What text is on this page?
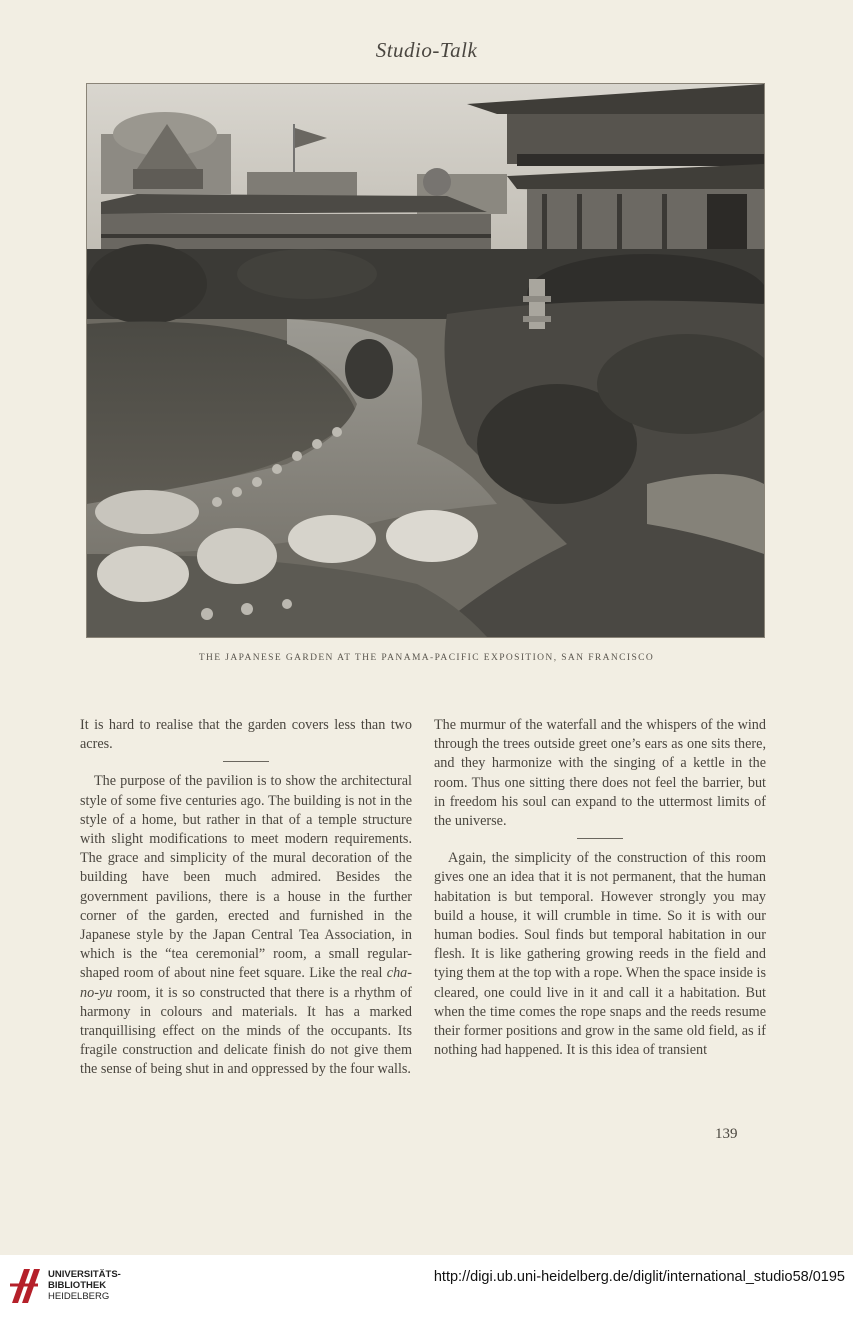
Studio-Talk
THE JAPANESE GARDEN AT THE PANAMA-PACIFIC EXPOSITION, SAN FRANCISCO

It is hard to realise that the garden covers less than two acres.

The purpose of the pavilion is to show the architectural style of some five centuries ago. The building is not in the style of a home, but rather in that of a temple structure with slight modifications to meet modern requirements. The grace and simplicity of the mural decoration of the building have been much admired. Besides the government pavilions, there is a house in the further corner of the garden, erected and furnished in the Japanese style by the Japan Central Tea Association, in which is the “tea ceremonial” room, a small regular-shaped room of about nine feet square. Like the real cha-no-yu room, it is so constructed that there is a rhythm of harmony in colours and materials. It has a marked tranquillising effect on the minds of the occupants. Its fragile construction and delicate finish do not give them the sense of being shut in and oppressed by the four walls.

The murmur of the waterfall and the whispers of the wind through the trees outside greet one’s ears as one sits there, and they harmonize with the singing of a kettle in the room. Thus one sitting there does not feel the barrier, but in freedom his soul can expand to the uttermost limits of the universe.

Again, the simplicity of the construction of this room gives one an idea that it is not permanent, that the human habitation is but temporal. However strongly you may build a house, it will crumble in time. So it is with our human bodies. Soul finds but temporal habitation in our flesh. It is like gathering growing reeds in the field and tying them at the top with a rope. When the space inside is cleared, one could live in it and call it a habitation. But when the time comes the rope snaps and the reeds resume their former positions and grow in the same old field, as if nothing had happened. It is this idea of transient

139
UNIVERSITÄTS-
BIBLIOTHEK
HEIDELBERG
http://digi.ub.uni-heidelberg.de/diglit/international_studio58/0195
